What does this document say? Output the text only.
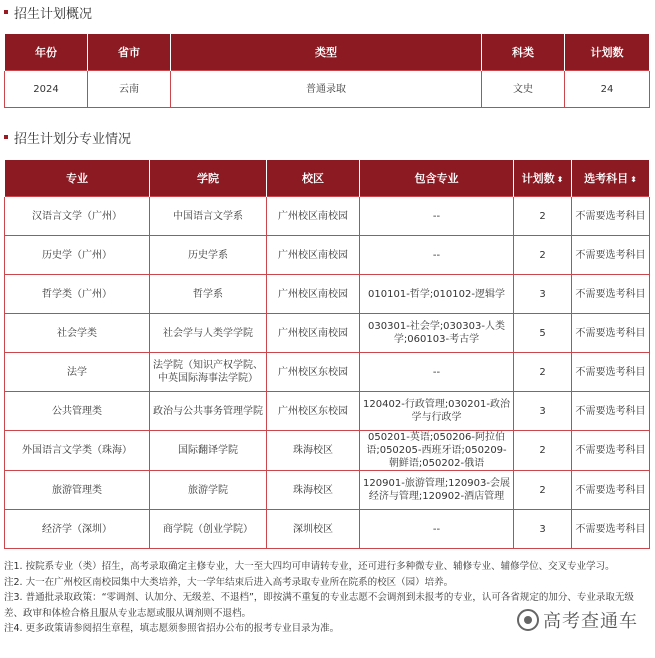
招生计划概况
年份	省市	类型	科类	计划数
2024	云南	普通录取	文史	24
招生计划分专业情况
专业	学院	校区	包含专业	计划数 ⬍	选考科目 ⬍
汉语言文学（广州）	中国语言文学系	广州校区南校园	--	2	不需要选考科目
历史学（广州）	历史学系	广州校区南校园	--	2	不需要选考科目
哲学类（广州）	哲学系	广州校区南校园	010101-哲学;010102-逻辑学	3	不需要选考科目
社会学类	社会学与人类学学院	广州校区南校园	030301-社会学;030303-人类学;060103-考古学	5	不需要选考科目
法学	法学院（知识产权学院、中英国际海事法学院）	广州校区东校园	--	2	不需要选考科目
公共管理类	政治与公共事务管理学院	广州校区东校园	120402-行政管理;030201-政治学与行政学	3	不需要选考科目
外国语言文学类（珠海）	国际翻译学院	珠海校区	050201-英语;050206-阿拉伯语;050205-西班牙语;050209-朝鲜语;050202-俄语	2	不需要选考科目
旅游管理类	旅游学院	珠海校区	120901-旅游管理;120903-会展经济与管理;120902-酒店管理	2	不需要选考科目
经济学（深圳）	商学院（创业学院）	深圳校区	--	3	不需要选考科目

注1. 按院系专业（类）招生，高考录取确定主修专业，大一至大四均可申请转专业，还可进行多种微专业、辅修专业、辅修学位、交叉专业学习。

注2. 大一在广州校区南校园集中大类培养，大一学年结束后进入高考录取专业所在院系的校区（园）培养。

注3. 普通批录取政策：“零调剂、认加分、无级差、不退档”，即按满不重复的专业志愿不会调剂到未报考的专业，认可各省规定的加分、专业录取无级差、政审和体检合格且服从专业志愿或服从调剂则不退档。

注4. 更多政策请参阅招生章程，填志愿须参照省招办公布的报考专业目录为准。	高考查通车
